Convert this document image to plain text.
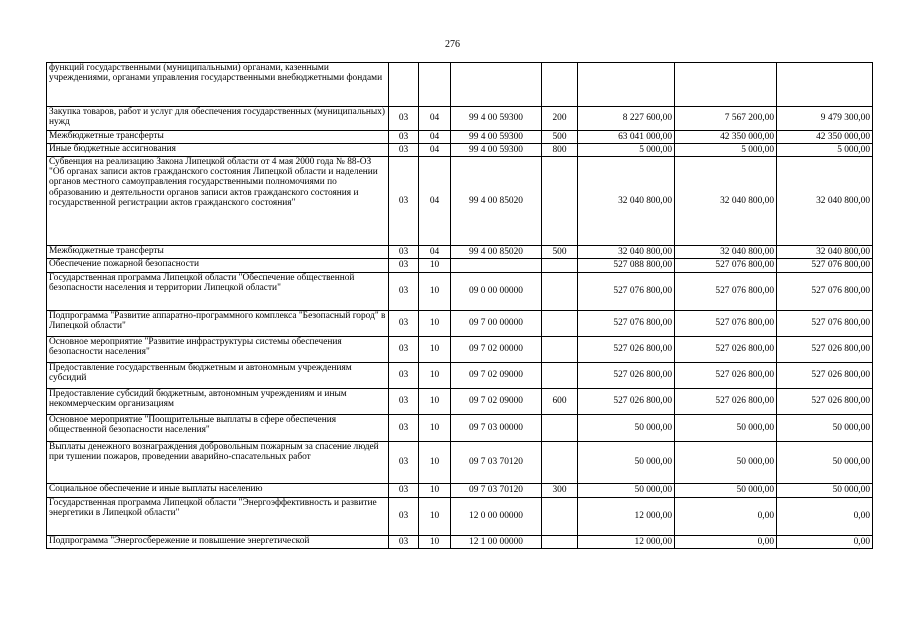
276
функций государственными (муниципальными) органами, казенными учреждениями, органами управления государственными внебюджетными фондами							
Закупка товаров, работ и услуг для обеспечения государственных (муниципальных) нужд	03	04	99 4 00 59300	200	8 227 600,00	7 567 200,00	9 479 300,00
Межбюджетные трансферты	03	04	99 4 00 59300	500	63 041 000,00	42 350 000,00	42 350 000,00
Иные бюджетные ассигнования	03	04	99 4 00 59300	800	5 000,00	5 000,00	5 000,00
Субвенция на реализацию Закона Липецкой области от 4 мая 2000 года № 88-ОЗ "Об органах записи актов гражданского состояния Липецкой области и наделении органов местного самоуправления государственными полномочиями по образованию и деятельности органов записи актов гражданского состояния и государственной регистрации актов гражданского состояния"	03	04	99 4 00 85020		32 040 800,00	32 040 800,00	32 040 800,00
Межбюджетные трансферты	03	04	99 4 00 85020	500	32 040 800,00	32 040 800,00	32 040 800,00
Обеспечение пожарной безопасности	03	10			527 088 800,00	527 076 800,00	527 076 800,00
Государственная программа Липецкой области "Обеспечение общественной безопасности населения и территории Липецкой области"	03	10	09 0 00 00000		527 076 800,00	527 076 800,00	527 076 800,00
Подпрограмма "Развитие аппаратно-программного комплекса "Безопасный город" в Липецкой области"	03	10	09 7 00 00000		527 076 800,00	527 076 800,00	527 076 800,00
Основное мероприятие "Развитие инфраструктуры системы обеспечения безопасности населения"	03	10	09 7 02 00000		527 026 800,00	527 026 800,00	527 026 800,00
Предоставление государственным бюджетным и автономным учреждениям субсидий	03	10	09 7 02 09000		527 026 800,00	527 026 800,00	527 026 800,00
Предоставление субсидий бюджетным, автономным учреждениям и иным некоммерческим организациям	03	10	09 7 02 09000	600	527 026 800,00	527 026 800,00	527 026 800,00
Основное мероприятие "Поощрительные выплаты в сфере обеспечения общественной безопасности населения"	03	10	09 7 03 00000		50 000,00	50 000,00	50 000,00
Выплаты денежного вознаграждения добровольным пожарным за спасение людей при тушении пожаров, проведении аварийно-спасательных работ	03	10	09 7 03 70120		50 000,00	50 000,00	50 000,00
Социальное обеспечение и иные выплаты населению	03	10	09 7 03 70120	300	50 000,00	50 000,00	50 000,00
Государственная программа Липецкой области "Энергоэффективность и развитие энергетики в Липецкой области"	03	10	12 0 00 00000		12 000,00	0,00	0,00
Подпрограмма "Энергосбережение и повышение энергетической	03	10	12 1 00 00000		12 000,00	0,00	0,00
